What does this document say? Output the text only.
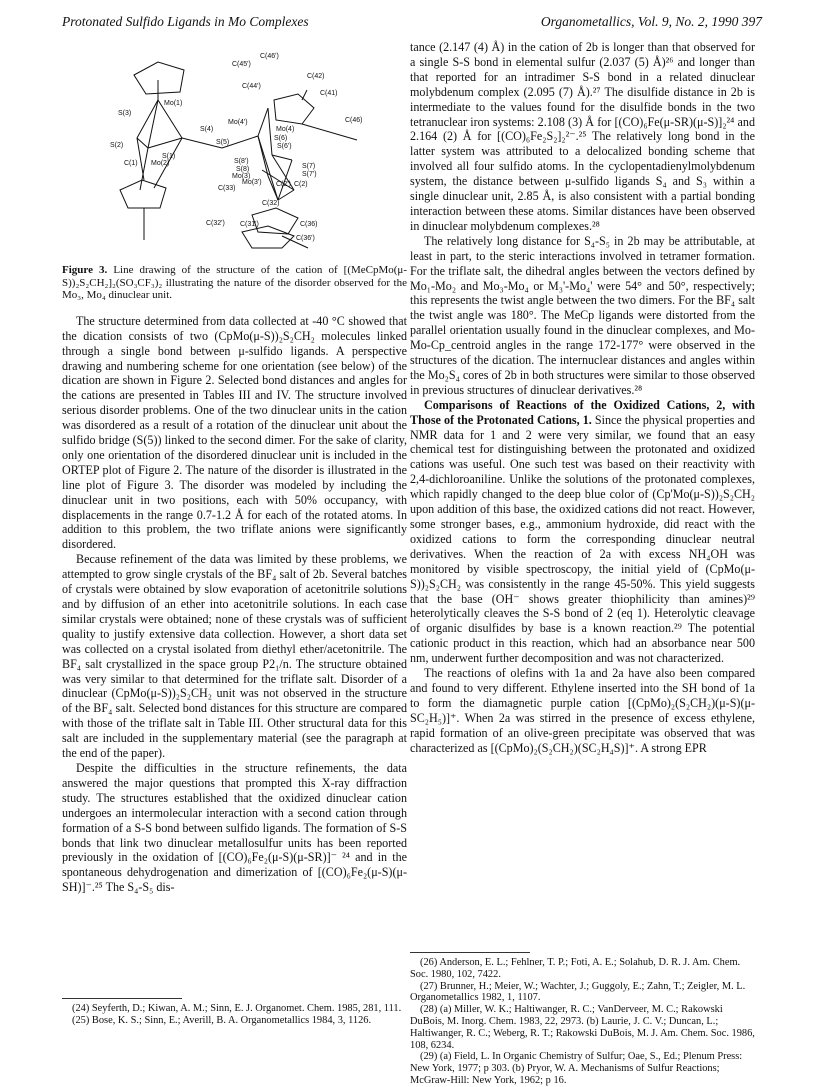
Protonated Sulfido Ligands in Mo Complexes	Organometallics, Vol. 9, No. 2, 1990 397
C(46')
C(45')
C(42)
C(44')
C(41)
S(3)
Mo(1)
S(4)
Mo(4')
Mo(4)
C(46)
S(5)
S(6)
S(6')
S(2)
S(1)
C(1) Mo(2)	S(8')
S(8)	S(7)
S(7')
Mo(3)
Mo(3') C(2') C(2)
C(33)
C(32)
C(32') C(31')	C(36)
C(36')
Figure 3. Line drawing of the structure of the cation of [(MeCpMo(μ-S))₂S₂CH₂]₂(SO₃CF₃)₂ illustrating the nature of the disorder observed for the Mo₃, Mo₄ dinuclear unit.

The structure determined from data collected at -40 °C showed that the dication consists of two (CpMo(μ-S))₂S₂CH₂ molecules linked through a single bond between μ-sulfido ligands. A perspective drawing and numbering scheme for one orientation (see below) of the dication are shown in Figure 2. Selected bond distances and angles for the cations are presented in Tables III and IV. The structure involved serious disorder problems. One of the two dinuclear units in the cation was disordered as a result of a rotation of the dinuclear unit about the sulfido bridge (S(5)) linked to the second dimer. For the sake of clarity, only one orientation of the disordered dinuclear unit is included in the ORTEP plot of Figure 2. The nature of the disorder is illustrated in the line plot of Figure 3. The disorder was modeled by including the dinuclear unit in two positions, each with 50% occupancy, with displacements in the range 0.7-1.2 Å for each of the rotated atoms. In addition to this problem, the two triflate anions were significantly disordered.

Because refinement of the data was limited by these problems, we attempted to grow single crystals of the BF₄ salt of 2b. Several batches of crystals were obtained by slow evaporation of acetonitrile solutions and by diffusion of an ether into acetonitrile solutions. In each case similar crystals were obtained; none of these crystals was of sufficient quality to justify extensive data collection. However, a short data set was collected on a crystal isolated from diethyl ether/acetonitrile. The BF₄ salt crystallized in the space group P2₁/n. The structure obtained was very similar to that determined for the triflate salt. Disorder of a dinuclear (CpMo(μ-S))₂S₂CH₂ unit was not observed in the structure of the BF₄ salt. Selected bond distances for this structure are compared with those of the triflate salt in Table III. Other structural data for this salt are included in the supplementary material (see the paragraph at the end of the paper).

Despite the difficulties in the structure refinements, the data answered the major questions that prompted this X-ray diffraction study. The structures established that the oxidized dinuclear cation undergoes an intermolecular interaction with a second cation through formation of a S-S bond between sulfido ligands. The formation of S-S bonds that link two dinuclear metallosulfur units has been reported previously in the oxidation of [(CO)₆Fe₂(μ-S)(μ-SR)]⁻ ²⁴ and in the spontaneous dehydrogenation and dimerization of [(CO)₆Fe₂(μ-S)(μ-SH)]⁻.²⁵ The S₄-S₅ dis-

(24) Seyferth, D.; Kiwan, A. M.; Sinn, E. J. Organomet. Chem. 1985, 281, 111.

(25) Bose, K. S.; Sinn, E.; Averill, B. A. Organometallics 1984, 3, 1126.

tance (2.147 (4) Å) in the cation of 2b is longer than that observed for a single S-S bond in elemental sulfur (2.037 (5) Å)²⁶ and longer than that reported for an intradimer S-S bond in a related dinuclear molybdenum complex (2.095 (7) Å).²⁷ The disulfide distance in 2b is intermediate to the values found for the disulfide bonds in the two tetranuclear iron systems: 2.108 (3) Å for [(CO)₆Fe(μ-SR)(μ-S)]₂²⁴ and 2.164 (2) Å for [(CO)₆Fe₂S₂]₂²⁻.²⁵ The relatively long bond in the latter system was attributed to a delocalized bonding scheme that involved all four sulfido atoms. In the cyclopentadienylmolybdenum system, the distance between μ-sulfido ligands S₄ and S₃ within a single dinuclear unit, 2.85 Å, is also consistent with a partial bonding interaction between these atoms. Similar distances have been observed in dinuclear molybdenum complexes.²⁸

The relatively long distance for S₄-S₅ in 2b may be attributable, at least in part, to the steric interactions involved in tetramer formation. For the triflate salt, the dihedral angles between the vectors defined by Mo₁-Mo₂ and Mo₃-Mo₄ or M₃'-Mo₄' were 54° and 50°, respectively; this represents the twist angle between the two dimers. For the BF₄ salt the twist angle was 180°. The MeCp ligands were distorted from the parallel orientation usually found in the dinuclear complexes, and Mo-Mo-Cp_centroid angles in the range 172-177° were observed in the structures of the dication. The internuclear distances and angles within the Mo₂S₄ cores of 2b in both structures were similar to those observed in previous structures of dinuclear derivatives.²⁸

Comparisons of Reactions of the Oxidized Cations, 2, with Those of the Protonated Cations, 1. Since the physical properties and NMR data for 1 and 2 were very similar, we found that an easy chemical test for distinguishing between the protonated and oxidized cations was useful. One such test was based on their reactivity with 2,4-dichloroaniline. Unlike the solutions of the protonated complexes, which rapidly changed to the deep blue color of (Cp'Mo(μ-S))₂S₂CH₂ upon addition of this base, the oxidized cations did not react. However, some stronger bases, e.g., ammonium hydroxide, did react with the oxidized cations to form the corresponding dinuclear neutral derivatives. When the reaction of 2a with excess NH₄OH was monitored by visible spectroscopy, the initial yield of (CpMo(μ-S))₂S₂CH₂ was consistently in the range 45-50%. This yield suggests that the base (OH⁻ shows greater thiophilicity than amines)²⁹ heterolytically cleaves the S-S bond of 2 (eq 1). Heterolytic cleavage of organic disulfides by base is a known reaction.²⁹ The potential cationic product in this reaction, which had an absorbance near 500 nm, underwent further decomposition and was not characterized.

The reactions of olefins with 1a and 2a have also been compared and found to very different. Ethylene inserted into the SH bond of 1a to form the diamagnetic purple cation [(CpMo)₂(S₂CH₂)(μ-S)(μ-SC₂H₅)]⁺. When 2a was stirred in the presence of excess ethylene, rapid formation of an olive-green precipitate was observed that was characterized as [(CpMo)₂(S₂CH₂)(SC₂H₄S)]⁺. A strong EPR

(26) Anderson, E. L.; Fehlner, T. P.; Foti, A. E.; Solahub, D. R. J. Am. Chem. Soc. 1980, 102, 7422.

(27) Brunner, H.; Meier, W.; Wachter, J.; Guggoly, E.; Zahn, T.; Zeigler, M. L. Organometallics 1982, 1, 1107.

(28) (a) Miller, W. K.; Haltiwanger, R. C.; VanDerveer, M. C.; Rakowski DuBois, M. Inorg. Chem. 1983, 22, 2973. (b) Laurie, J. C. V.; Duncan, L.; Haltiwanger, R. C.; Weberg, R. T.; Rakowski DuBois, M. J. Am. Chem. Soc. 1986, 108, 6234.

(29) (a) Field, L. In Organic Chemistry of Sulfur; Oae, S., Ed.; Plenum Press: New York, 1977; p 303. (b) Pryor, W. A. Mechanisms of Sulfur Reactions; McGraw-Hill: New York, 1962; p 16.
